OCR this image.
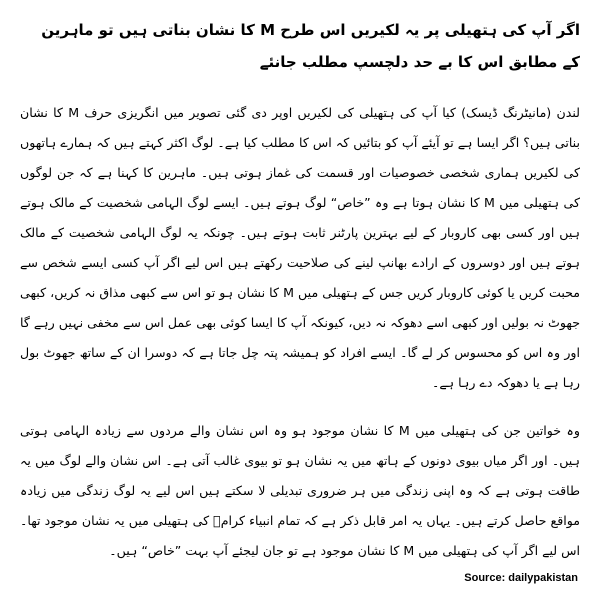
اگر آپ کی ہتھیلی پر یہ لکیریں اس طرح M کا نشان بناتی ہیں تو ماہرین کے مطابق اس کا بے حد دلچسپ مطلب جانئے

لندن (مانیٹرنگ ڈیسک) کیا آپ کی ہتھیلی کی لکیریں اوپر دی گئی تصویر میں انگریزی حرف M کا نشان بناتی ہیں؟ اگر ایسا ہے تو آیئے آپ کو بتائیں کہ اس کا مطلب کیا ہے۔ لوگ اکثر کہتے ہیں کہ ہمارے ہاتھوں کی لکیریں ہماری شخصی خصوصیات اور قسمت کی غماز ہوتی ہیں۔ ماہرین کا کہنا ہے کہ جن لوگوں کی ہتھیلی میں M کا نشان ہوتا ہے وہ ”خاص“ لوگ ہوتے ہیں۔ ایسے لوگ الہامی شخصیت کے مالک ہوتے ہیں اور کسی بھی کاروبار کے لیے بہترین پارٹنر ثابت ہوتے ہیں۔ چونکہ یہ لوگ الہامی شخصیت کے مالک ہوتے ہیں اور دوسروں کے ارادے بھانپ لینے کی صلاحیت رکھتے ہیں اس لیے اگر آپ کسی ایسے شخص سے محبت کریں یا کوئی کاروبار کریں جس کے ہتھیلی میں M کا نشان ہو تو اس سے کبھی مذاق نہ کریں، کبھی جھوٹ نہ بولیں اور کبھی اسے دھوکہ نہ دیں، کیونکہ آپ کا ایسا کوئی بھی عمل اس سے مخفی نہیں رہے گا اور وہ اس کو محسوس کر لے گا۔ ایسے افراد کو ہمیشہ پتہ چل جاتا ہے کہ دوسرا ان کے ساتھ جھوٹ بول رہا ہے یا دھوکہ دے رہا ہے۔

وہ خواتین جن کی ہتھیلی میں M کا نشان موجود ہو وہ اس نشان والے مردوں سے زیادہ الہامی ہوتی ہیں۔ اور اگر میاں بیوی دونوں کے ہاتھ میں یہ نشان ہو تو بیوی غالب آتی ہے۔ اس نشان والے لوگ میں یہ طاقت ہوتی ہے کہ وہ اپنی زندگی میں ہر ضروری تبدیلی لا سکتے ہیں اس لیے یہ لوگ زندگی میں زیادہ مواقع حاصل کرتے ہیں۔ یہاں یہ امر قابل ذکر ہے کہ تمام انبیاء کرامؑ کی ہتھیلی میں یہ نشان موجود تھا۔ اس لیے اگر آپ کی ہتھیلی میں M کا نشان موجود ہے تو جان لیجئے آپ بہت ”خاص“ ہیں۔

Source: dailypakistan
